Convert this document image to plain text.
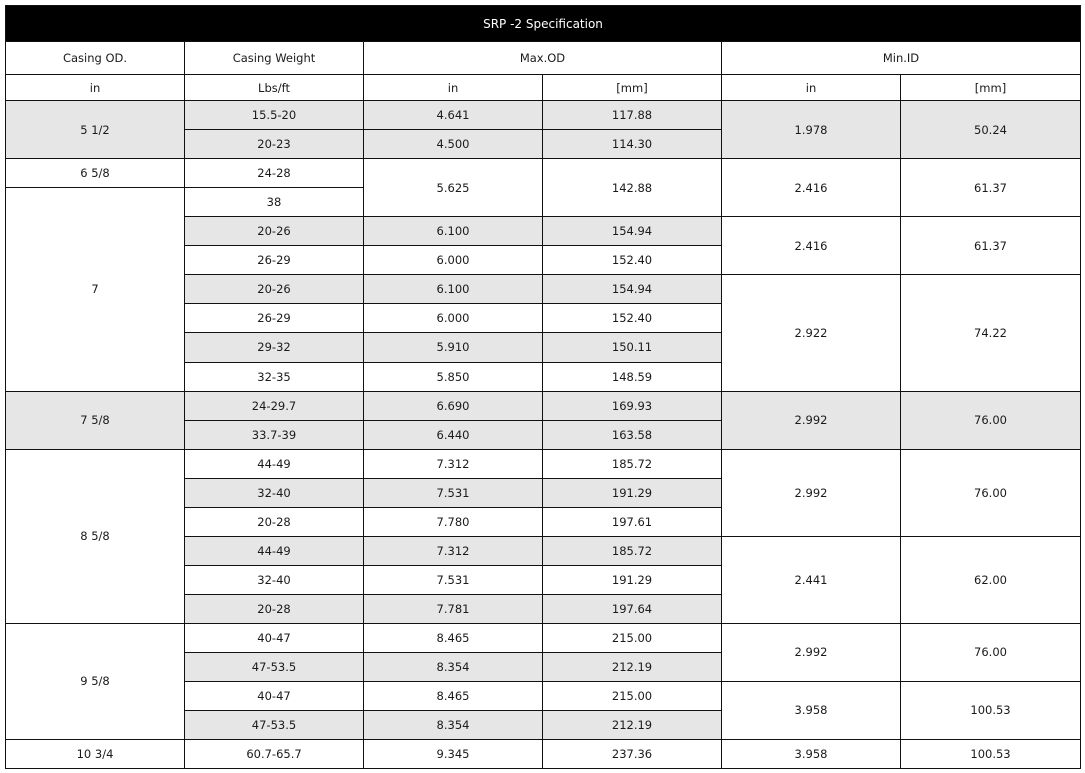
SRP -2 Specification					
Casing OD.	Casing Weight	Max.OD		Min.ID	
in	Lbs/ft	in	[mm]	in	[mm]
5 1/2	15.5-20	4.641	117.88	1.978	50.24
	20-23	4.500	114.30		
6 5/8	24-28	5.625	142.88	2.416	61.37
7	38				
	20-26	6.100	154.94	2.416	61.37
	26-29	6.000	152.40		
	20-26	6.100	154.94	2.922	74.22
	26-29	6.000	152.40		
	29-32	5.910	150.11		
	32-35	5.850	148.59		
7 5/8	24-29.7	6.690	169.93	2.992	76.00
	33.7-39	6.440	163.58		
8 5/8	44-49	7.312	185.72	2.992	76.00
	32-40	7.531	191.29		
	20-28	7.780	197.61		
	44-49	7.312	185.72	2.441	62.00
	32-40	7.531	191.29		
	20-28	7.781	197.64		
9 5/8	40-47	8.465	215.00	2.992	76.00
	47-53.5	8.354	212.19		
	40-47	8.465	215.00	3.958	100.53
	47-53.5	8.354	212.19		
10 3/4	60.7-65.7	9.345	237.36	3.958	100.53
